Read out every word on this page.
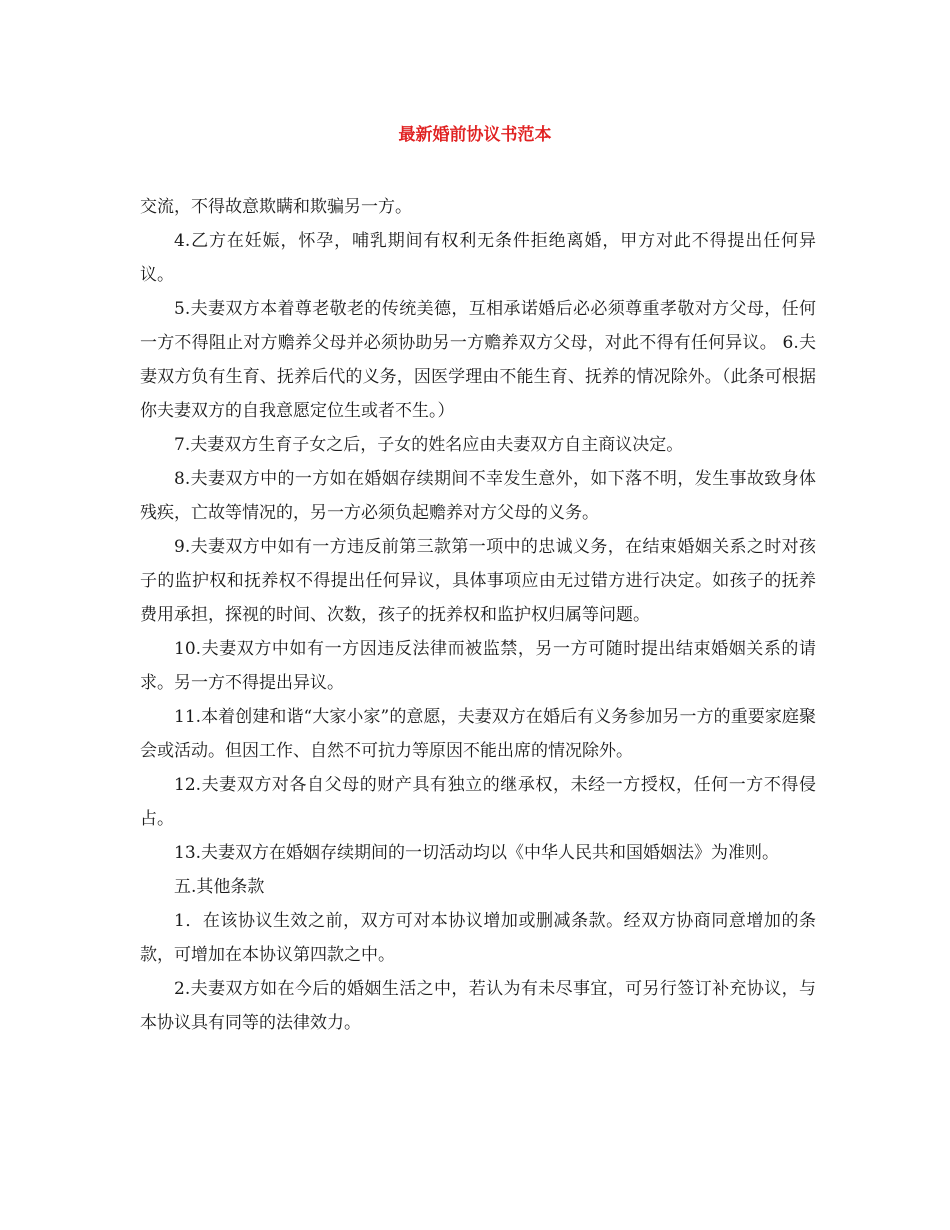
最新婚前协议书范本

交流，不得故意欺瞒和欺骗另一方。

4.乙方在妊娠，怀孕，哺乳期间有权利无条件拒绝离婚，甲方对此不得提出任何异议。

5.夫妻双方本着尊老敬老的传统美德，互相承诺婚后必必须尊重孝敬对方父母，任何一方不得阻止对方赡养父母并必须协助另一方赡养双方父母，对此不得有任何异议。 6.夫妻双方负有生育、抚养后代的义务，因医学理由不能生育、抚养的情况除外。（此条可根据你夫妻双方的自我意愿定位生或者不生。）

7.夫妻双方生育子女之后，子女的姓名应由夫妻双方自主商议决定。

8.夫妻双方中的一方如在婚姻存续期间不幸发生意外，如下落不明，发生事故致身体残疾，亡故等情况的，另一方必须负起赡养对方父母的义务。

9.夫妻双方中如有一方违反前第三款第一项中的忠诚义务，在结束婚姻关系之时对孩子的监护权和抚养权不得提出任何异议，具体事项应由无过错方进行决定。如孩子的抚养费用承担，探视的时间、次数，孩子的抚养权和监护权归属等问题。

10.夫妻双方中如有一方因违反法律而被监禁，另一方可随时提出结束婚姻关系的请求。另一方不得提出异议。

11.本着创建和谐“大家小家”的意愿，夫妻双方在婚后有义务参加另一方的重要家庭聚会或活动。但因工作、自然不可抗力等原因不能出席的情况除外。

12.夫妻双方对各自父母的财产具有独立的继承权，未经一方授权，任何一方不得侵占。

13.夫妻双方在婚姻存续期间的一切活动均以《中华人民共和国婚姻法》为准则。

五.其他条款

1．在该协议生效之前，双方可对本协议增加或删减条款。经双方协商同意增加的条款，可增加在本协议第四款之中。

2.夫妻双方如在今后的婚姻生活之中，若认为有未尽事宜，可另行签订补充协议，与本协议具有同等的法律效力。
